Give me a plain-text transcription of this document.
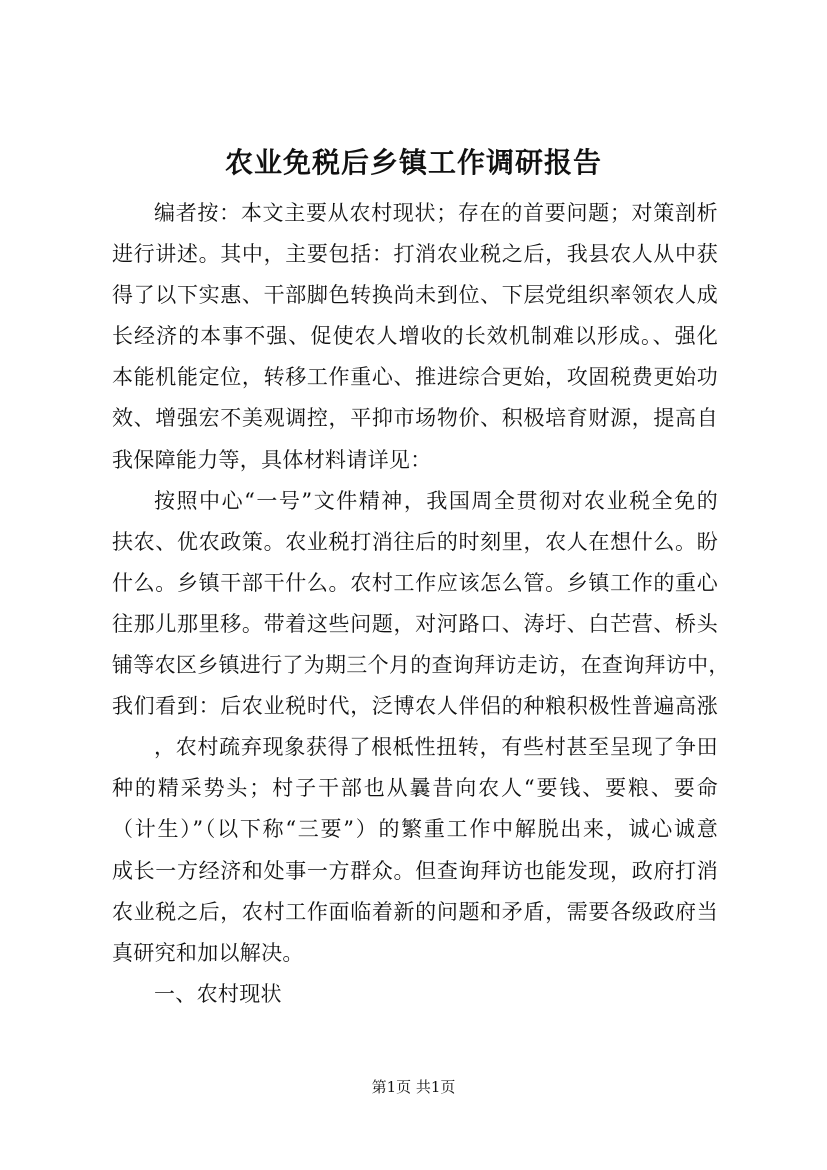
农业免税后乡镇工作调研报告
编者按：本文主要从农村现状；存在的首要问题；对策剖析
进行讲述。其中，主要包括：打消农业税之后，我县农人从中获
得了以下实惠、干部脚色转换尚未到位、下层党组织率领农人成
长经济的本事不强、促使农人增收的长效机制难以形成。、强化
本能机能定位，转移工作重心、推进综合更始，攻固税费更始功
效、增强宏不美观调控，平抑市场物价、积极培育财源，提高自
我保障能力等，具体材料请详见：
按照中心“一号”文件精神，我国周全贯彻对农业税全免的
扶农、优农政策。农业税打消往后的时刻里，农人在想什么。盼
什么。乡镇干部干什么。农村工作应该怎么管。乡镇工作的重心
往那儿那里移。带着这些问题，对河路口、涛圩、白芒营、桥头
铺等农区乡镇进行了为期三个月的查询拜访走访，在查询拜访中，
我们看到：后农业税时代，泛博农人伴侣的种粮积极性普遍高涨
，农村疏弃现象获得了根柢性扭转，有些村甚至呈现了争田
种的精采势头；村子干部也从曩昔向农人“要钱、要粮、要命
（计生）”（以下称“三要”）的繁重工作中解脱出来，诚心诚意
成长一方经济和处事一方群众。但查询拜访也能发现，政府打消
农业税之后，农村工作面临着新的问题和矛盾，需要各级政府当
真研究和加以解决。
一、农村现状
第1页 共1页
